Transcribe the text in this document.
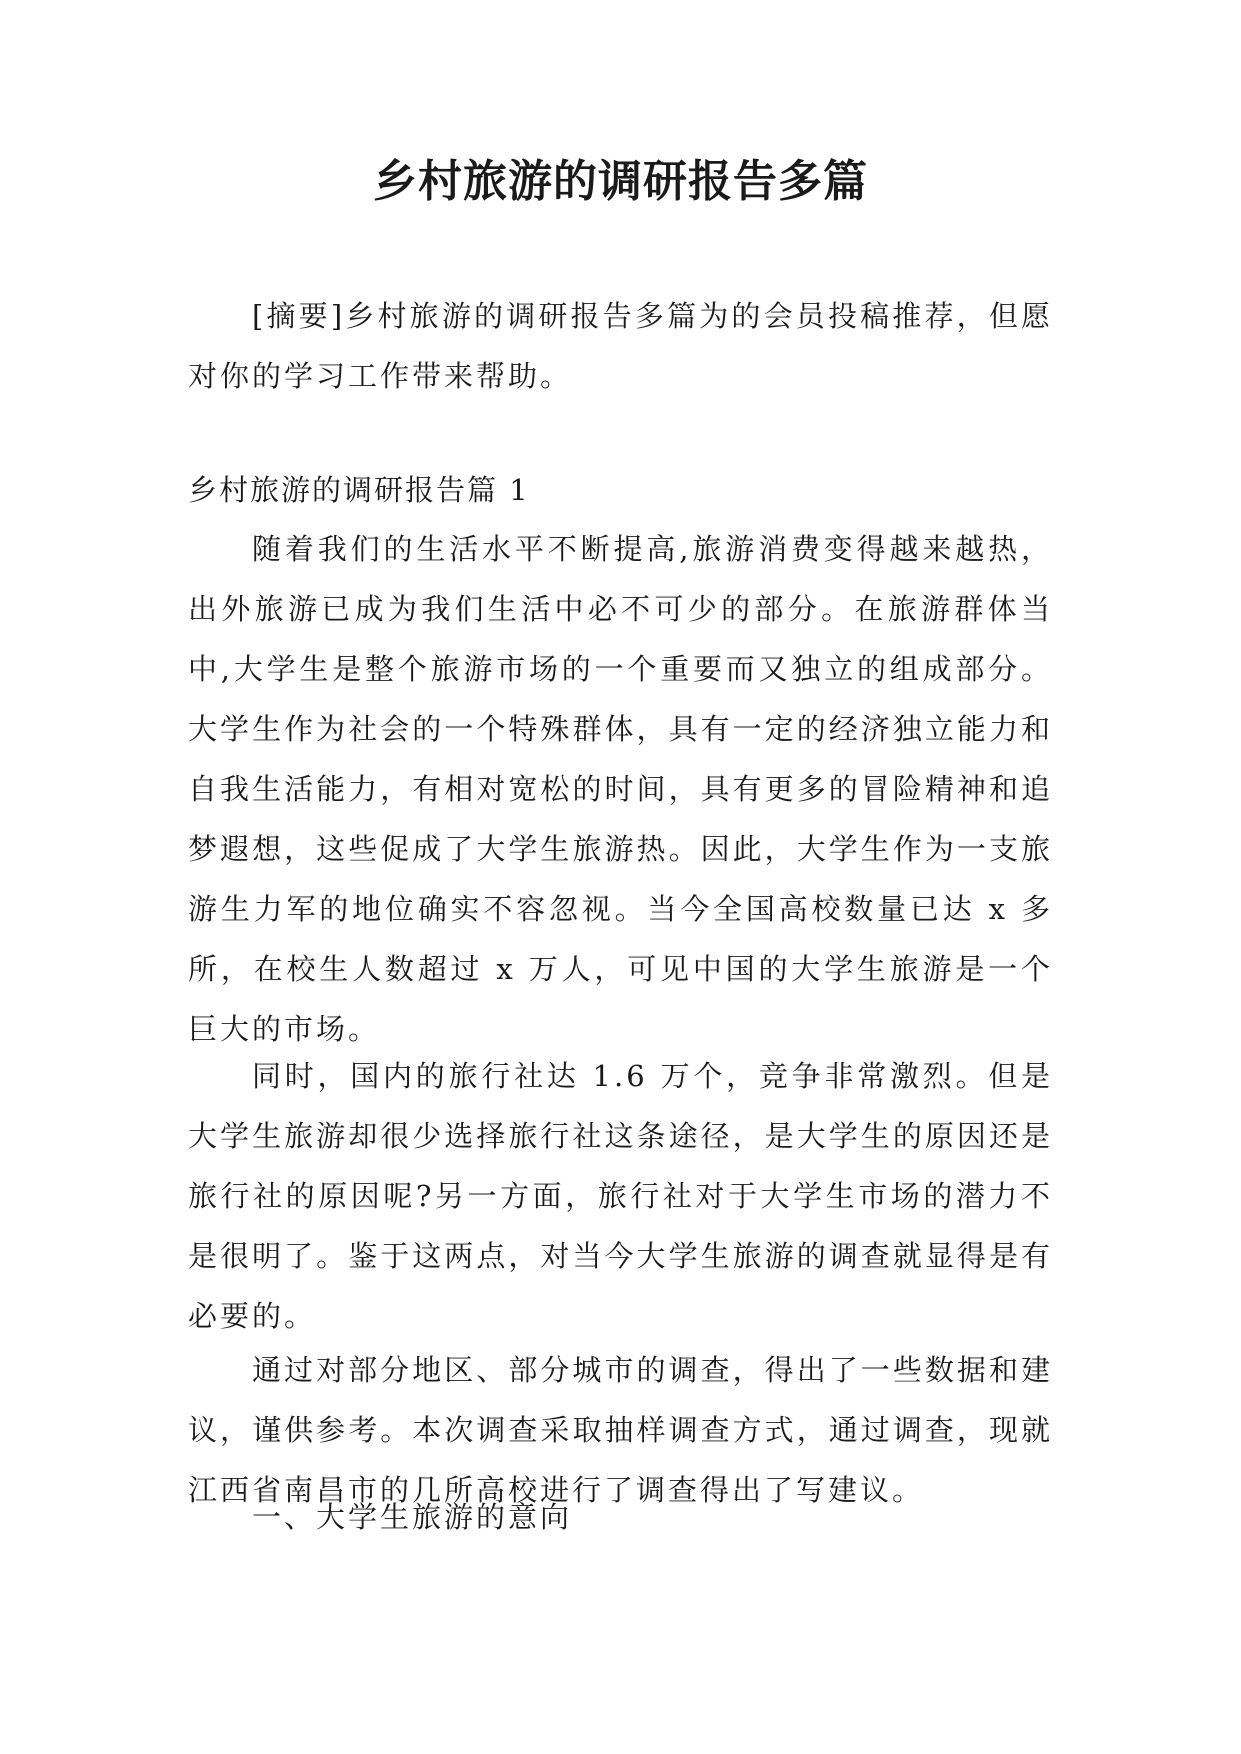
乡村旅游的调研报告多篇

[摘要]乡村旅游的调研报告多篇为的会员投稿推荐，但愿对你的学习工作带来帮助。

乡村旅游的调研报告篇 1

随着我们的生活水平不断提高,旅游消费变得越来越热，出外旅游已成为我们生活中必不可少的部分。在旅游群体当中,大学生是整个旅游市场的一个重要而又独立的组成部分。大学生作为社会的一个特殊群体，具有一定的经济独立能力和自我生活能力，有相对宽松的时间，具有更多的冒险精神和追梦遐想，这些促成了大学生旅游热。因此，大学生作为一支旅游生力军的地位确实不容忽视。当今全国高校数量已达 x 多所，在校生人数超过 x 万人，可见中国的大学生旅游是一个巨大的市场。

同时，国内的旅行社达 1.6 万个，竞争非常激烈。但是大学生旅游却很少选择旅行社这条途径，是大学生的原因还是旅行社的原因呢?另一方面，旅行社对于大学生市场的潜力不是很明了。鉴于这两点，对当今大学生旅游的调查就显得是有必要的。

通过对部分地区、部分城市的调查，得出了一些数据和建议，谨供参考。本次调查采取抽样调查方式，通过调查，现就江西省南昌市的几所高校进行了调查得出了写建议。

一、大学生旅游的意向
